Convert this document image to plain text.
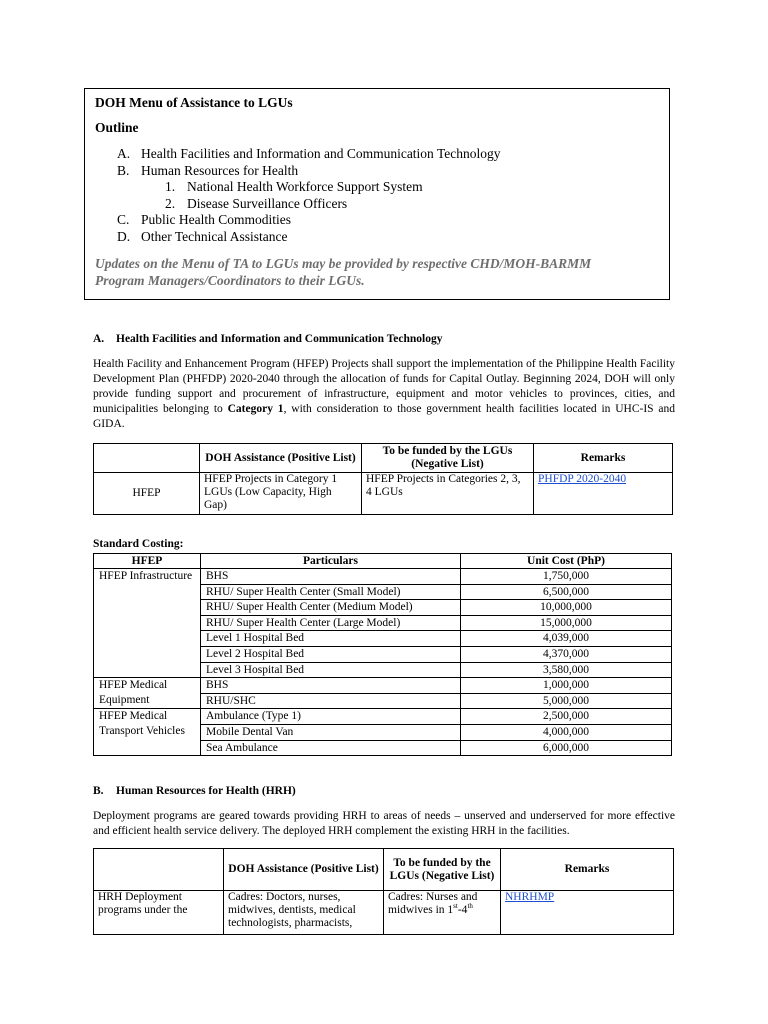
DOH Menu of Assistance to LGUs
Outline
A. Health Facilities and Information and Communication Technology
B. Human Resources for Health
1. National Health Workforce Support System
2. Disease Surveillance Officers
C. Public Health Commodities
D. Other Technical Assistance
Updates on the Menu of TA to LGUs may be provided by respective CHD/MOH-BARMM
Program Managers/Coordinators to their LGUs.
A. Health Facilities and Information and Communication Technology
Health Facility and Enhancement Program (HFEP) Projects shall support the implementation of the Philippine Health Facility Development Plan (PHFDP) 2020-2040 through the allocation of funds for Capital Outlay. Beginning 2024, DOH will only provide funding support and procurement of infrastructure, equipment and motor vehicles to provinces, cities, and municipalities belonging to Category 1, with consideration to those government health facilities located in UHC-IS and GIDA.
	DOH Assistance (Positive List)	To be funded by the LGUs (Negative List)	Remarks
HFEP	HFEP Projects in Category 1 LGUs (Low Capacity, High Gap)	HFEP Projects in Categories 2, 3, 4 LGUs	PHFDP 2020-2040
Standard Costing:
HFEP	Particulars	Unit Cost (PhP)
HFEP Infrastructure	BHS	1,750,000
	RHU/ Super Health Center (Small Model)	6,500,000
	RHU/ Super Health Center (Medium Model)	10,000,000
	RHU/ Super Health Center (Large Model)	15,000,000
	Level 1 Hospital Bed	4,039,000
	Level 2 Hospital Bed	4,370,000
	Level 3 Hospital Bed	3,580,000
HFEP Medical Equipment	BHS	1,000,000
	RHU/SHC	5,000,000
HFEP Medical Transport Vehicles	Ambulance (Type 1)	2,500,000
	Mobile Dental Van	4,000,000
	Sea Ambulance	6,000,000
B. Human Resources for Health (HRH)
Deployment programs are geared towards providing HRH to areas of needs – unserved and underserved for more effective and efficient health service delivery. The deployed HRH complement the existing HRH in the facilities.
	DOH Assistance (Positive List)	To be funded by the LGUs (Negative List)	Remarks
HRH Deployment programs under the	Cadres: Doctors, nurses, midwives, dentists, medical technologists, pharmacists,	Cadres: Nurses and midwives in 1st-4th	NHRHMP
